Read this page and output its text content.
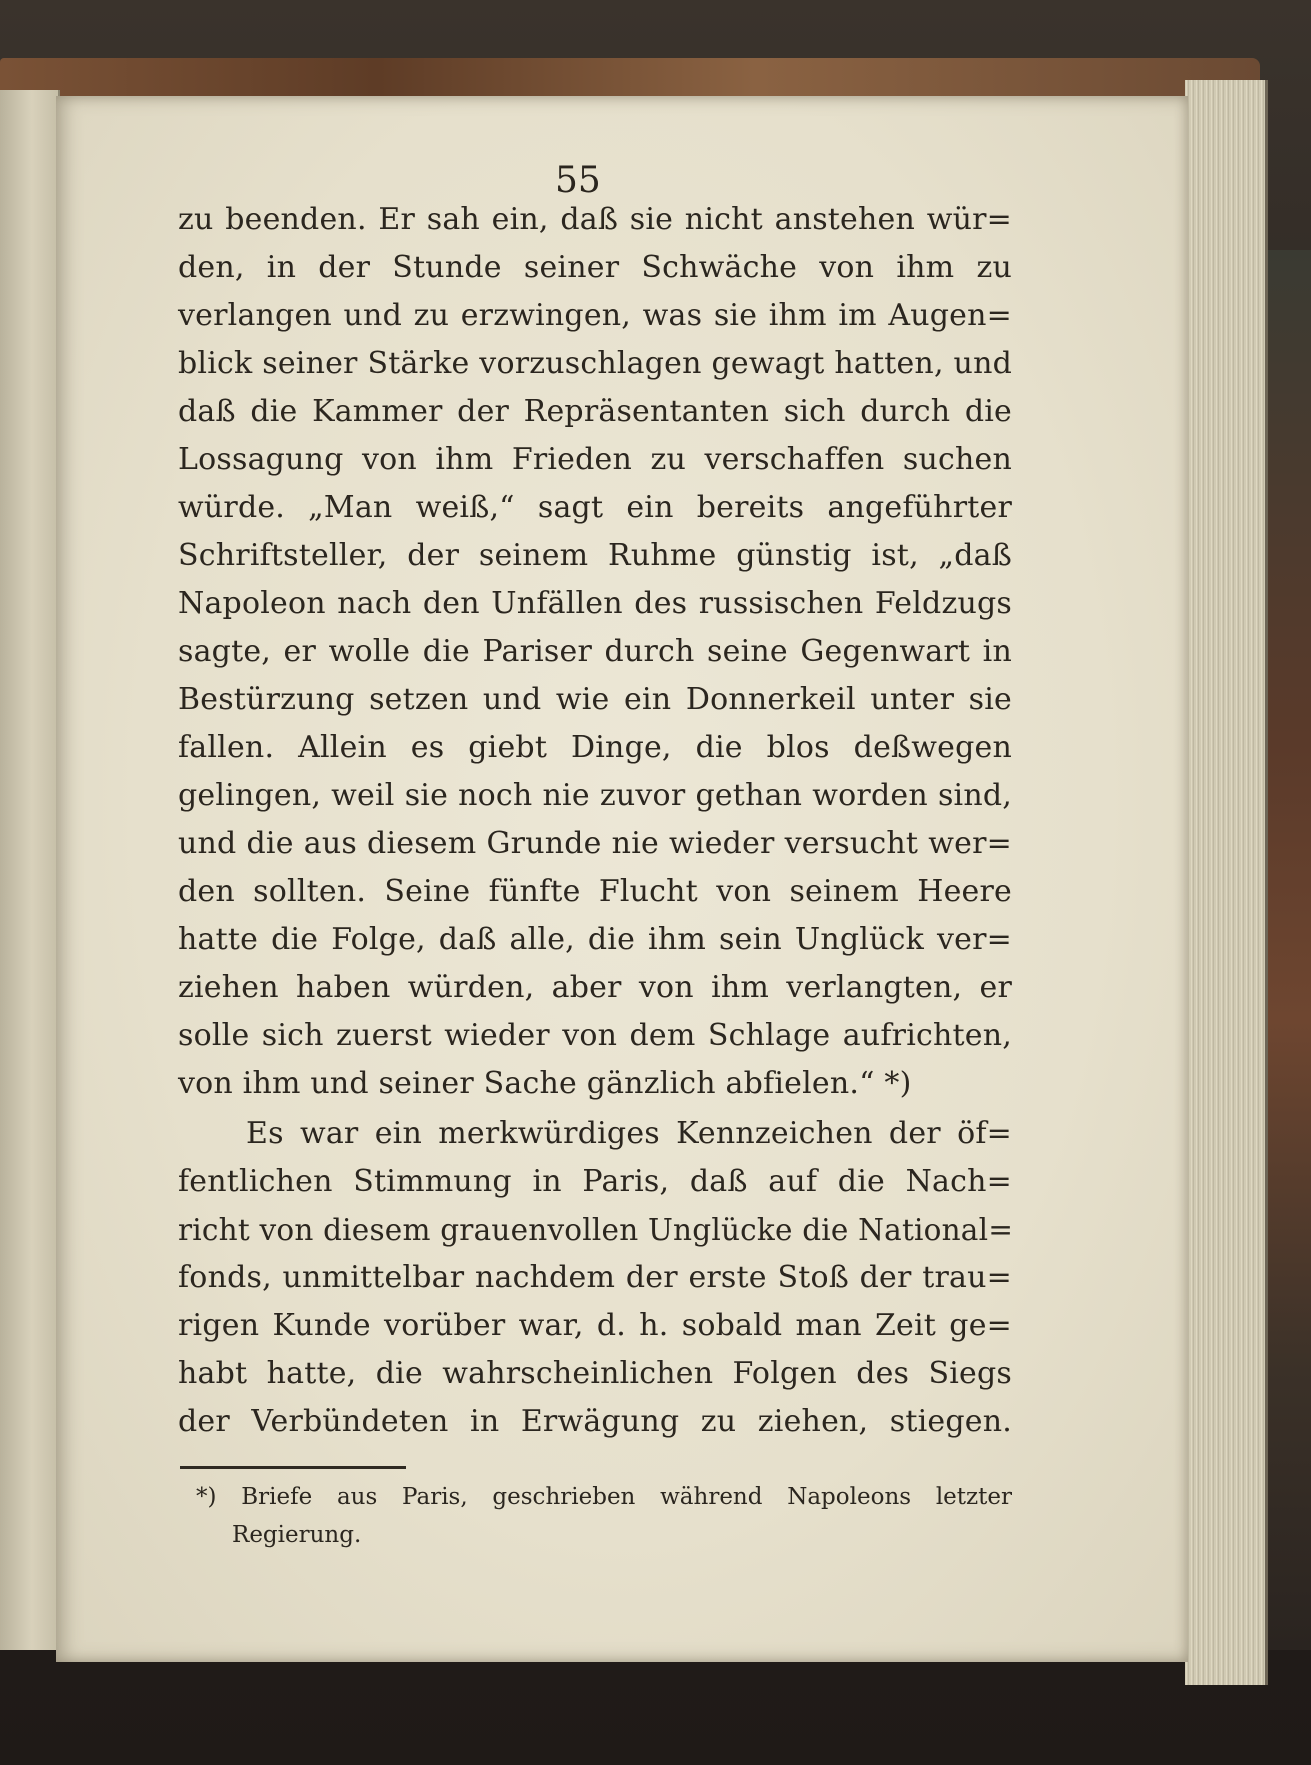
55
zu beenden. Er sah ein, daß sie nicht anstehen wür=
den, in der Stunde seiner Schwäche von ihm zu
verlangen und zu erzwingen, was sie ihm im Augen=
blick seiner Stärke vorzuschlagen gewagt hatten, und
daß die Kammer der Repräsentanten sich durch die
Lossagung von ihm Frieden zu verschaffen suchen
würde. „Man weiß,“ sagt ein bereits angeführter
Schriftsteller, der seinem Ruhme günstig ist, „daß
Napoleon nach den Unfällen des russischen Feldzugs
sagte, er wolle die Pariser durch seine Gegenwart in
Bestürzung setzen und wie ein Donnerkeil unter sie
fallen. Allein es giebt Dinge, die blos deßwegen
gelingen, weil sie noch nie zuvor gethan worden sind,
und die aus diesem Grunde nie wieder versucht wer=
den sollten. Seine fünfte Flucht von seinem Heere
hatte die Folge, daß alle, die ihm sein Unglück ver=
ziehen haben würden, aber von ihm verlangten, er
solle sich zuerst wieder von dem Schlage aufrichten,
von ihm und seiner Sache gänzlich abfielen.“ *)
Es war ein merkwürdiges Kennzeichen der öf=
fentlichen Stimmung in Paris, daß auf die Nach=
richt von diesem grauenvollen Unglücke die National=
fonds, unmittelbar nachdem der erste Stoß der trau=
rigen Kunde vorüber war, d. h. sobald man Zeit ge=
habt hatte, die wahrscheinlichen Folgen des Siegs
der Verbündeten in Erwägung zu ziehen, stiegen.
*) Briefe aus Paris, geschrieben während Napoleons letzter
Regierung.
